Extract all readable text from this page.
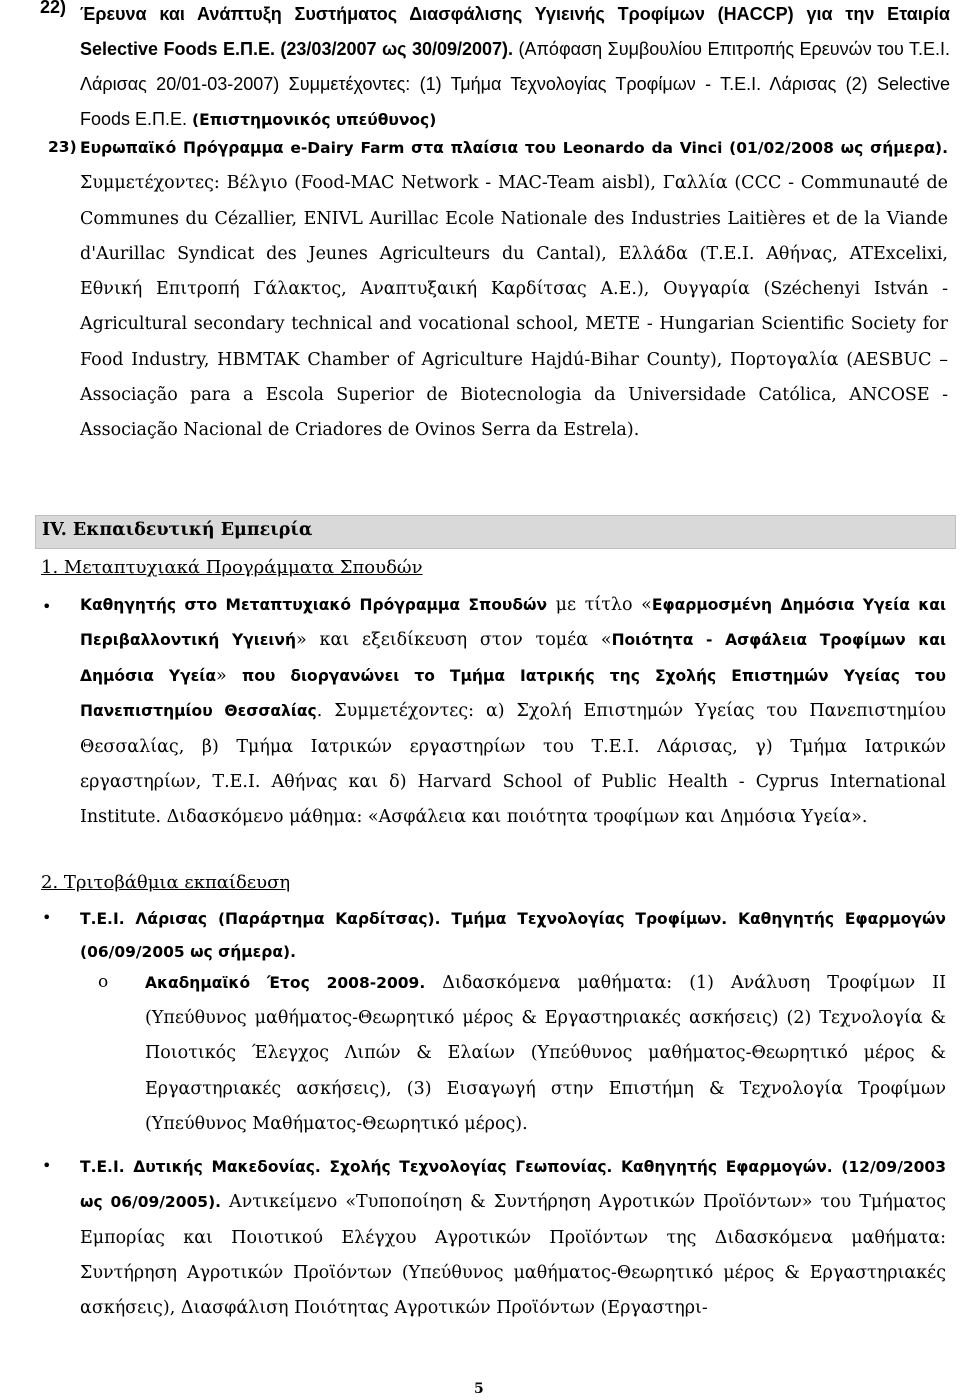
22) Έρευνα και Ανάπτυξη Συστήματος Διασφάλισης Υγιεινής Τροφίμων (HACCP) για την Εταιρία Selective Foods Ε.Π.Ε. (23/03/2007 ως 30/09/2007). (Απόφαση Συμβουλίου Επιτροπής Ερευνών του Τ.Ε.Ι. Λάρισας 20/01-03-2007) Συμμετέχοντες: (1) Τμήμα Τεχνολογίας Τροφίμων - Τ.Ε.Ι. Λάρισας (2) Selective Foods Ε.Π.Ε. (Επιστημονικός υπεύθυνος)

23) Ευρωπαϊκό Πρόγραμμα e-Dairy Farm στα πλαίσια του Leonardo da Vinci (01/02/2008 ως σήμερα). Συμμετέχοντες: Βέλγιο (Food-MAC Network - MAC-Team aisbl), Γαλλία (CCC - Communauté de Communes du Cézallier, ENIVL Aurillac Ecole Nationale des Industries Laitières et de la Viande d'Aurillac Syndicat des Jeunes Agriculteurs du Cantal), Ελλάδα (Τ.Ε.Ι. Αθήνας, ATExcelixi, Εθνική Επιτροπή Γάλακτος, Αναπτυξαική Καρδίτσας Α.Ε.), Ουγγαρία (Széchenyi István - Agricultural secondary technical and vocational school, METE - Hungarian Scientific Society for Food Industry, HBMTAK Chamber of Agriculture Hajdú-Bihar County), Πορτογαλία (AESBUC – Associação para a Escola Superior de Biotecnologia da Universidade Católica, ANCOSE - Associação Nacional de Criadores de Ovinos Serra da Estrela).

IV. Εκπαιδευτική Εμπειρία
1. Μεταπτυχιακά Προγράμματα Σπουδών
• Καθηγητής στο Μεταπτυχιακό Πρόγραμμα Σπουδών με τίτλο «Εφαρμοσμένη Δημόσια Υγεία και Περιβαλλοντική Υγιεινή» και εξειδίκευση στον τομέα «Ποιότητα - Ασφάλεια Τροφίμων και Δημόσια Υγεία» που διοργανώνει το Τμήμα Ιατρικής της Σχολής Επιστημών Υγείας του Πανεπιστημίου Θεσσαλίας. Συμμετέχοντες: α) Σχολή Επιστημών Υγείας του Πανεπιστημίου Θεσσαλίας, β) Τμήμα Ιατρικών εργαστηρίων του Τ.Ε.Ι. Λάρισας, γ) Τμήμα Ιατρικών εργαστηρίων, Τ.Ε.Ι. Αθήνας και δ) Harvard School of Public Health - Cyprus International Institute. Διδασκόμενο μάθημα: «Ασφάλεια και ποιότητα τροφίμων και Δημόσια Υγεία».

2. Τριτοβάθμια εκπαίδευση
• Τ.Ε.Ι. Λάρισας (Παράρτημα Καρδίτσας). Τμήμα Τεχνολογίας Τροφίμων. Καθηγητής Εφαρμογών (06/09/2005 ως σήμερα).

o Ακαδημαϊκό Έτος 2008-2009. Διδασκόμενα μαθήματα: (1) Ανάλυση Τροφίμων ΙΙ (Υπεύθυνος μαθήματος-Θεωρητικό μέρος & Εργαστηριακές ασκήσεις) (2) Τεχνολογία & Ποιοτικός Έλεγχος Λιπών & Ελαίων (Υπεύθυνος μαθήματος-Θεωρητικό μέρος & Εργαστηριακές ασκήσεις), (3) Εισαγωγή στην Επιστήμη & Τεχνολογία Τροφίμων (Υπεύθυνος Μαθήματος-Θεωρητικό μέρος).

• Τ.Ε.Ι. Δυτικής Μακεδονίας. Σχολής Τεχνολογίας Γεωπονίας. Καθηγητής Εφαρμογών. (12/09/2003 ως 06/09/2005). Αντικείμενο «Τυποποίηση & Συντήρηση Αγροτικών Προϊόντων» του Τμήματος Εμπορίας και Ποιοτικού Ελέγχου Αγροτικών Προϊόντων της Διδασκόμενα μαθήματα: Συντήρηση Αγροτικών Προϊόντων (Υπεύθυνος μαθήματος-Θεωρητικό μέρος & Εργαστηριακές ασκήσεις), Διασφάλιση Ποιότητας Αγροτικών Προϊόντων (Εργαστηρι-

5
